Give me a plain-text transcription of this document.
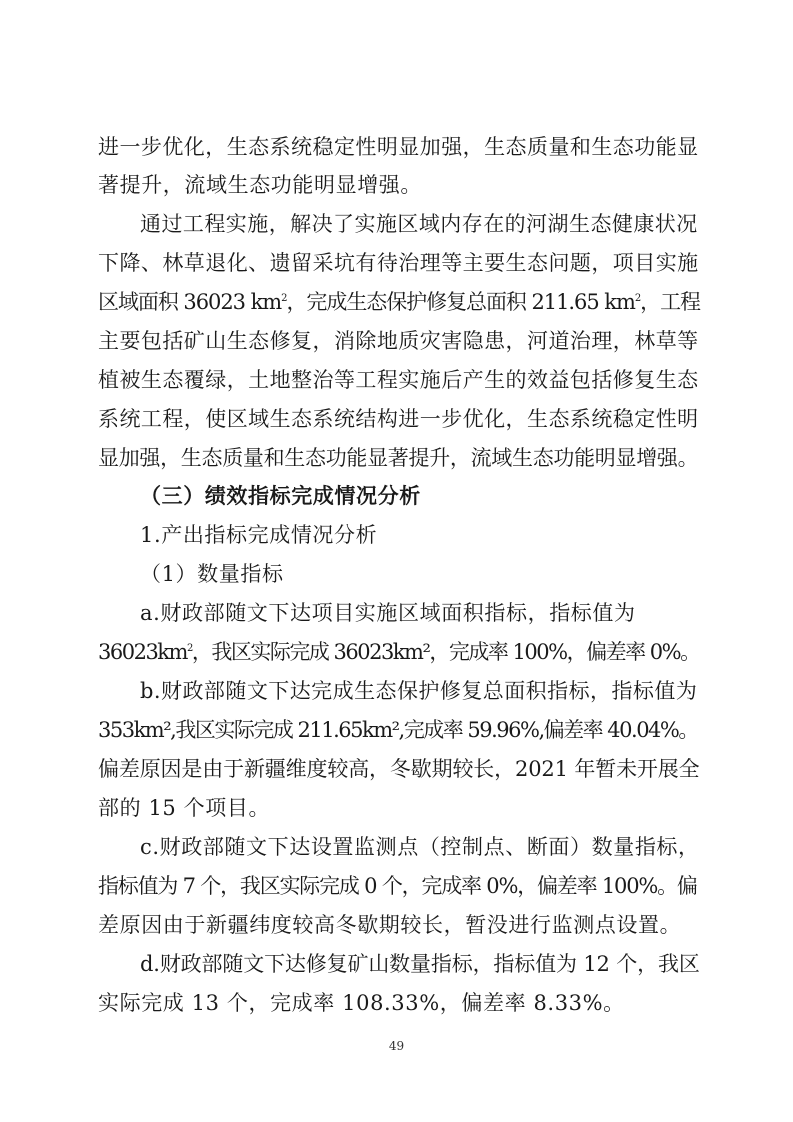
进一步优化，生态系统稳定性明显加强，生态质量和生态功能显
著提升，流域生态功能明显增强。
通过工程实施，解决了实施区域内存在的河湖生态健康状况
下降、林草退化、遗留采坑有待治理等主要生态问题，项目实施
区域面积 36023 $km^2$，完成生态保护修复总面积 211.65 $km^2$，工程
主要包括矿山生态修复，消除地质灾害隐患，河道治理，林草等
植被生态覆绿，土地整治等工程实施后产生的效益包括修复生态
系统工程，使区域生态系统结构进一步优化，生态系统稳定性明
显加强，生态质量和生态功能显著提升，流域生态功能明显增强。
（三）绩效指标完成情况分析
1.产出指标完成情况分析
（1）数量指标
a.财政部随文下达项目实施区域面积指标，指标值为
$36023km^2$，我区实际完成 36023km²，完成率 100%，偏差率 0%。
b.财政部随文下达完成生态保护修复总面积指标，指标值为
353km²,我区实际完成 211.65km²,完成率 59.96%,偏差率 40.04%。
偏差原因是由于新疆维度较高，冬歇期较长，2021 年暂未开展全
部的 15 个项目。
c.财政部随文下达设置监测点（控制点、断面）数量指标，
指标值为 7 个，我区实际完成 0 个，完成率 0%，偏差率 100%。偏
差原因由于新疆纬度较高冬歇期较长，暂没进行监测点设置。
d.财政部随文下达修复矿山数量指标，指标值为 12 个，我区
实际完成 13 个，完成率 108.33%，偏差率 8.33%。
49
